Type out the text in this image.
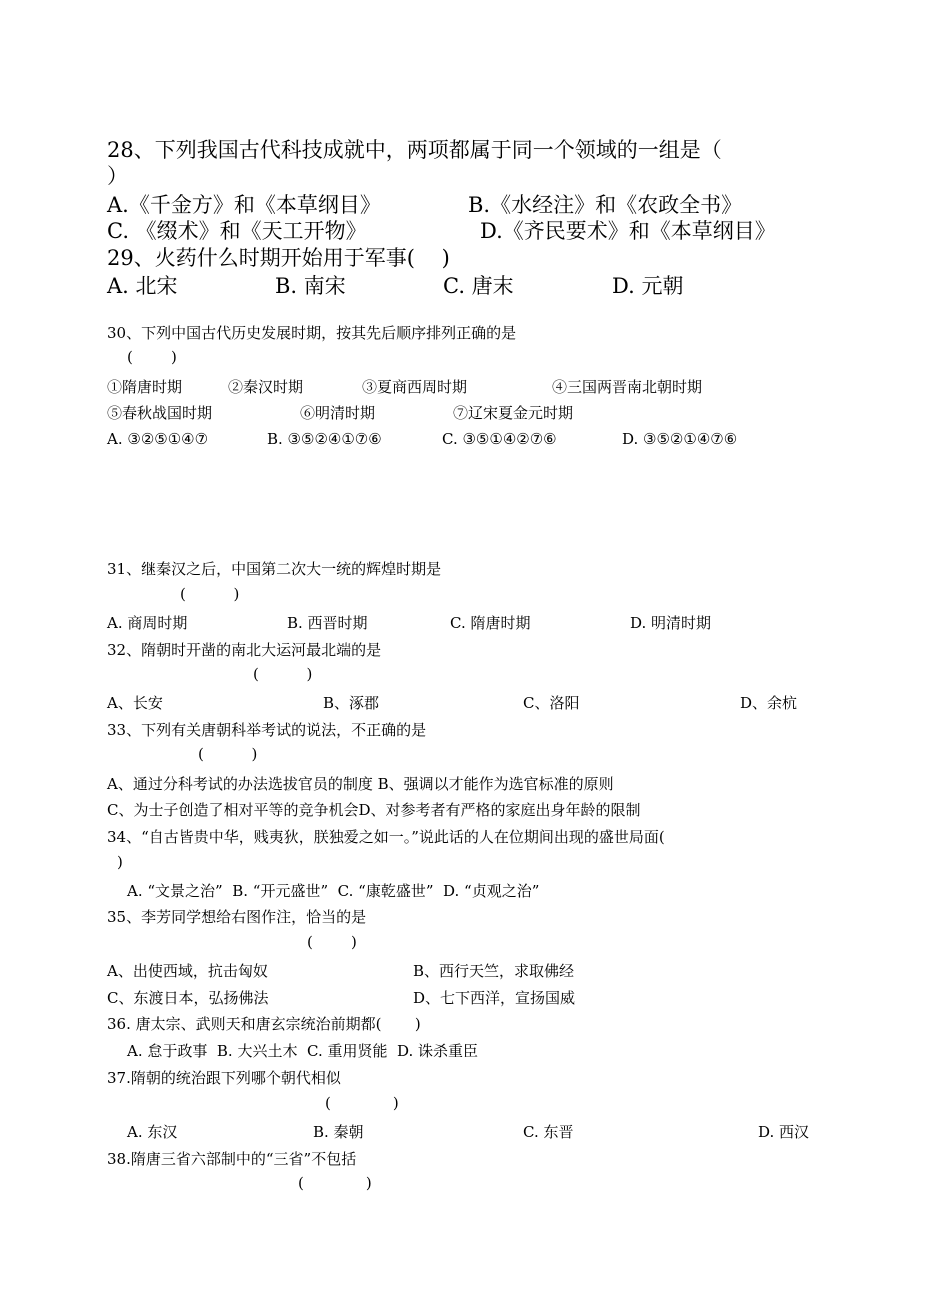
28、下列我国古代科技成就中，两项都属于同一个领域的一组是（
）
A.《千金方》和《本草纲目》	B.《水经注》和《农政全书》
C. 《缀术》和《天工开物》	D.《齐民要术》和《本草纲目》
29、火药什么时期开始用于军事(    )
A. 北宋	B. 南宋	C. 唐末	D. 元朝
30、下列中国古代历史发展时期，按其先后顺序排列正确的是
(        )
①隋唐时期	②秦汉时期	③夏商西周时期	④三国两晋南北朝时期
⑤春秋战国时期	⑥明清时期	⑦辽宋夏金元时期
A. ③②⑤①④⑦	B. ③⑤②④①⑦⑥	C. ③⑤①④②⑦⑥	D. ③⑤②①④⑦⑥
31、继秦汉之后，中国第二次大一统的辉煌时期是
(          )
A. 商周时期	B. 西晋时期	C. 隋唐时期	D. 明清时期
32、隋朝时开凿的南北大运河最北端的是
(          )
A、长安	B、涿郡	C、洛阳	D、余杭
33、下列有关唐朝科举考试的说法，不正确的是
(          )
A、通过分科考试的办法选拔官员的制度 B、强调以才能作为选官标准的原则
C、为士子创造了相对平等的竞争机会D、对参考者有严格的家庭出身年龄的限制
34、“自古皆贵中华，贱夷狄，朕独爱之如一。”说此话的人在位期间出现的盛世局面(
)
A. “文景之治”  B. “开元盛世”  C. “康乾盛世”  D. “贞观之治”
35、李芳同学想给右图作注，恰当的是
(        )
A、出使西域，抗击匈奴	B、西行天竺，求取佛经
C、东渡日本，弘扬佛法	D、七下西洋，宣扬国威
36. 唐太宗、武则天和唐玄宗统治前期都(       )
A. 怠于政事  B. 大兴土木  C. 重用贤能  D. 诛杀重臣
37.隋朝的统治跟下列哪个朝代相似
(             )
A. 东汉	B. 秦朝	C. 东晋	D. 西汉
38.隋唐三省六部制中的“三省”不包括
(             )
